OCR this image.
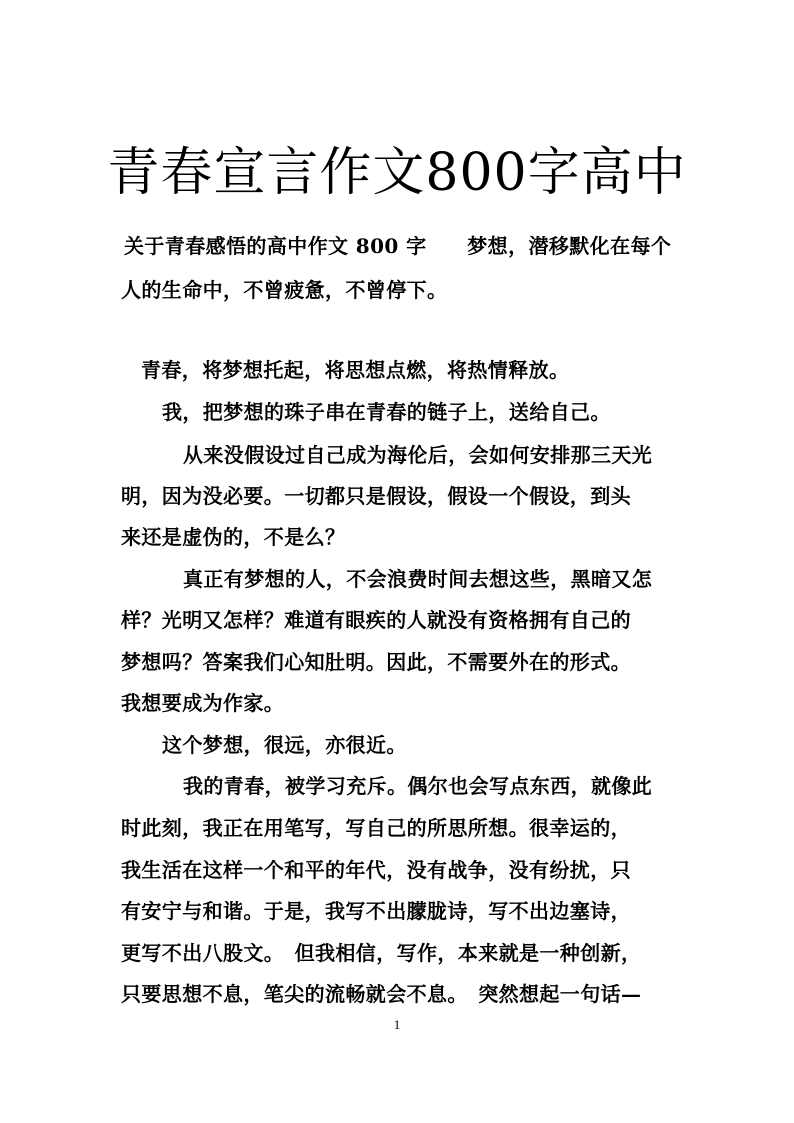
青春宣言作文800字高中
关于青春感悟的高中作文 800 字　　梦想，潜移默化在每个
人的生命中，不曾疲惫，不曾停下。
青春，将梦想托起，将思想点燃，将热情释放。
我，把梦想的珠子串在青春的链子上，送给自己。
从来没假设过自己成为海伦后，会如何安排那三天光
明，因为没必要。一切都只是假设，假设一个假设，到头
来还是虚伪的，不是么？
真正有梦想的人，不会浪费时间去想这些，黑暗又怎
样？光明又怎样？难道有眼疾的人就没有资格拥有自己的
梦想吗？答案我们心知肚明。因此，不需要外在的形式。
我想要成为作家。
这个梦想，很远，亦很近。
我的青春，被学习充斥。偶尔也会写点东西，就像此
时此刻，我正在用笔写，写自己的所思所想。很幸运的，
我生活在这样一个和平的年代，没有战争，没有纷扰，只
有安宁与和谐。于是，我写不出朦胧诗，写不出边塞诗，
更写不出八股文。　但我相信，写作，本来就是一种创新，
只要思想不息，笔尖的流畅就会不息。　突然想起一句话—
1
